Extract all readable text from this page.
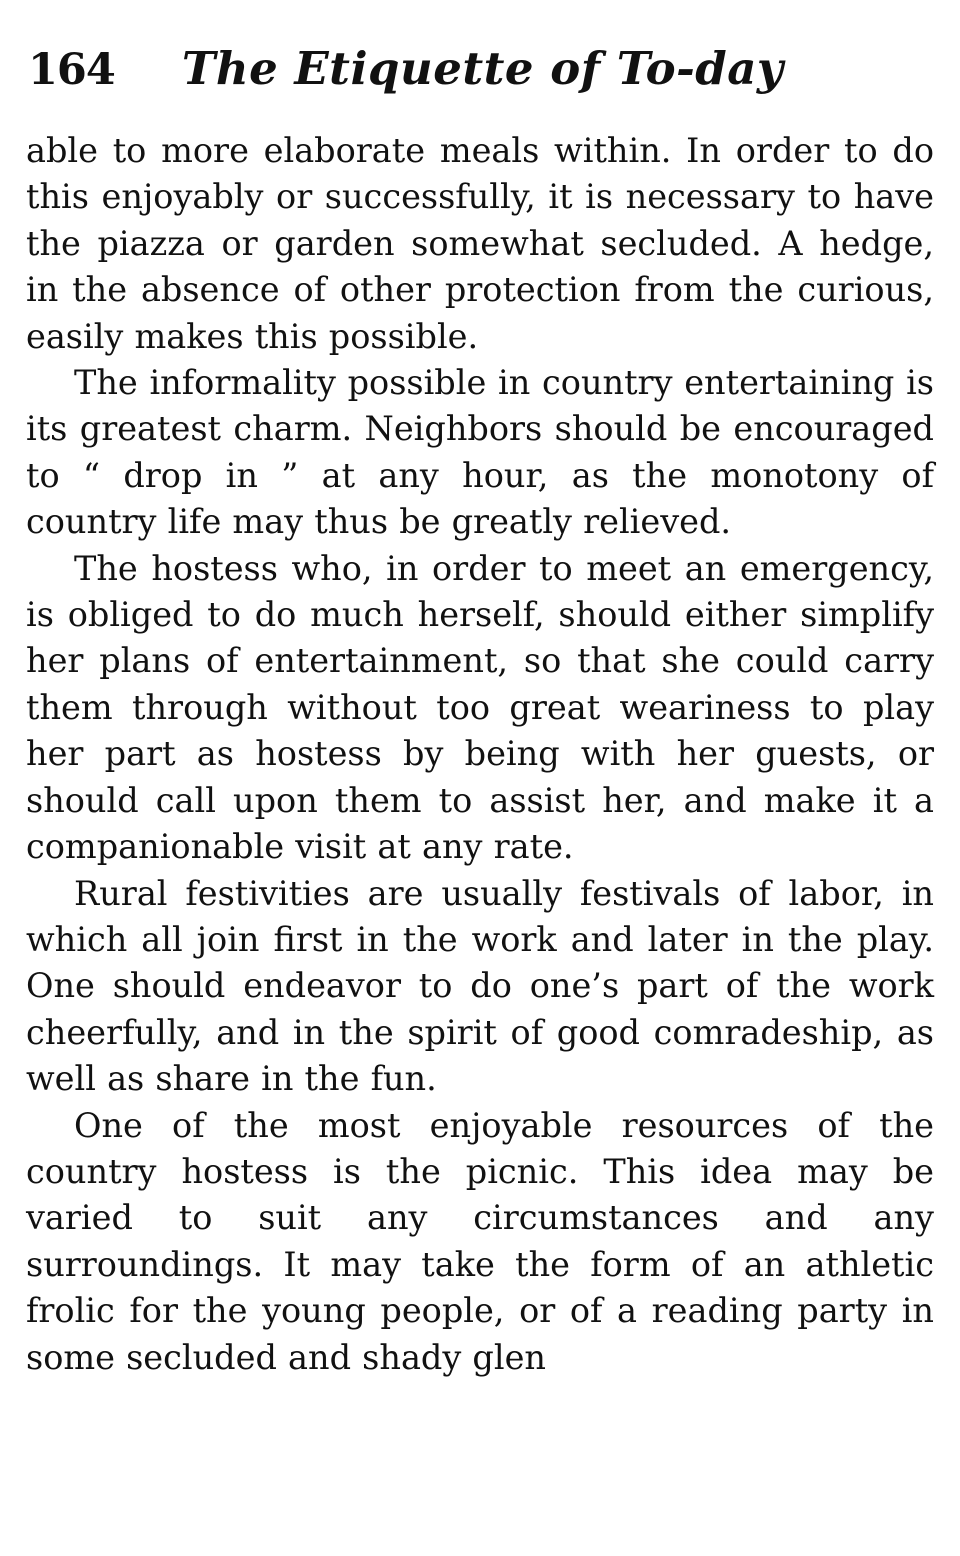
164 The Etiquette of To-day

able to more elaborate meals within. In order to do this enjoyably or successfully, it is necessary to have the piazza or garden somewhat secluded. A hedge, in the absence of other protection from the curious, easily makes this possible.

The informality possible in country entertaining is its greatest charm. Neighbors should be encouraged to “ drop in ” at any hour, as the monotony of country life may thus be greatly relieved.

The hostess who, in order to meet an emergency, is obliged to do much herself, should either simplify her plans of entertainment, so that she could carry them through without too great weariness to play her part as hostess by being with her guests, or should call upon them to assist her, and make it a companionable visit at any rate.

Rural festivities are usually festivals of labor, in which all join first in the work and later in the play. One should endeavor to do one’s part of the work cheerfully, and in the spirit of good comradeship, as well as share in the fun.

One of the most enjoyable resources of the country hostess is the picnic. This idea may be varied to suit any circumstances and any surroundings. It may take the form of an athletic frolic for the young people, or of a reading party in some secluded and shady glen
